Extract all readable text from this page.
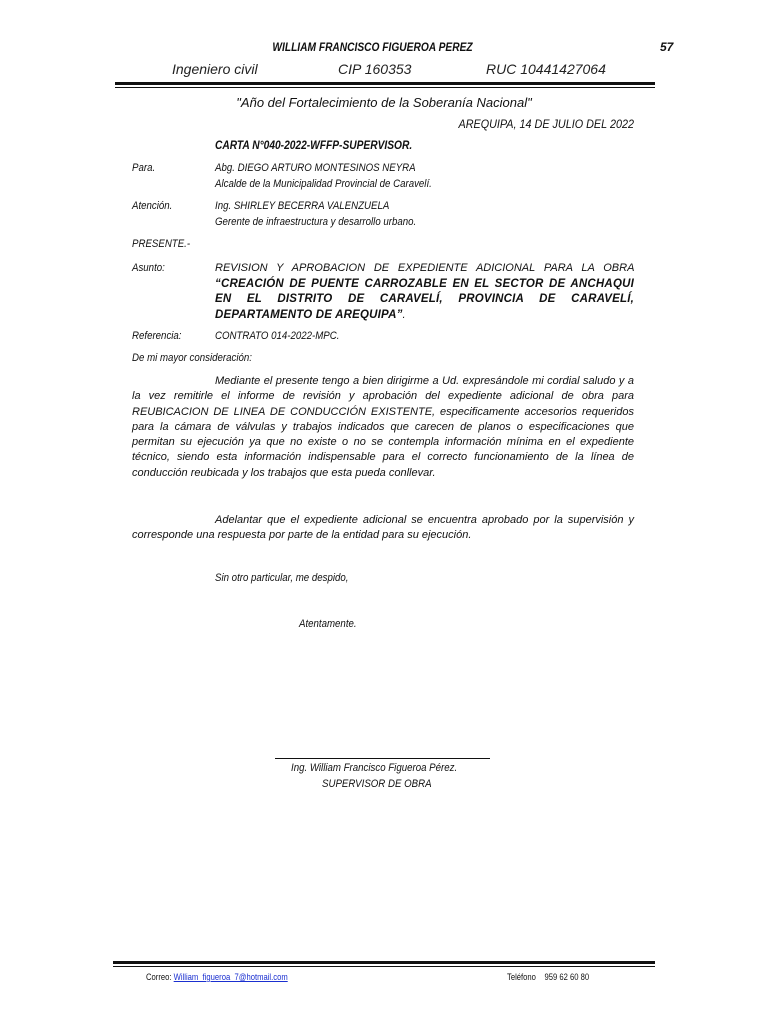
WILLIAM FRANCISCO FIGUEROA PEREZ	57
Ingeniero civil	CIP 160353	RUC 10441427064
"Año del Fortalecimiento de la Soberanía Nacional"
AREQUIPA, 14 DE JULIO DEL 2022
CARTA N°040-2022-WFFP-SUPERVISOR.
Para.	Abg. DIEGO ARTURO MONTESINOS NEYRA
Alcalde de la Municipalidad Provincial de Caravelí.
Atención.	Ing. SHIRLEY BECERRA VALENZUELA
Gerente de infraestructura y desarrollo urbano.
PRESENTE.-
Asunto:	REVISION Y APROBACION DE EXPEDIENTE ADICIONAL PARA LA OBRA “CREACIÓN DE PUENTE CARROZABLE EN EL SECTOR DE ANCHAQUI EN EL DISTRITO DE CARAVELÍ, PROVINCIA DE CARAVELÍ, DEPARTAMENTO DE AREQUIPA”.
Referencia:	CONTRATO 014-2022-MPC.
De mi mayor consideración:
Mediante el presente tengo a bien dirigirme a Ud. expresándole mi cordial saludo y a la vez remitirle el informe de revisión y aprobación del expediente adicional de obra para REUBICACION DE LINEA DE CONDUCCIÓN EXISTENTE, especificamente accesorios requeridos para la cámara de válvulas y trabajos indicados que carecen de planos o especificaciones que permitan su ejecución ya que no existe o no se contempla información mínima en el expediente técnico, siendo esta información indispensable para el correcto funcionamiento de la línea de conducción reubicada y los trabajos que esta pueda conllevar.
Adelantar que el expediente adicional se encuentra aprobado por la supervisión y corresponde una respuesta por parte de la entidad para su ejecución.
Sin otro particular, me despido,
Atentamente.
Ing. William Francisco Figueroa Pérez.
SUPERVISOR DE OBRA
Correo: William_figueroa_7@hotmail.com	Teléfono 959 62 60 80
